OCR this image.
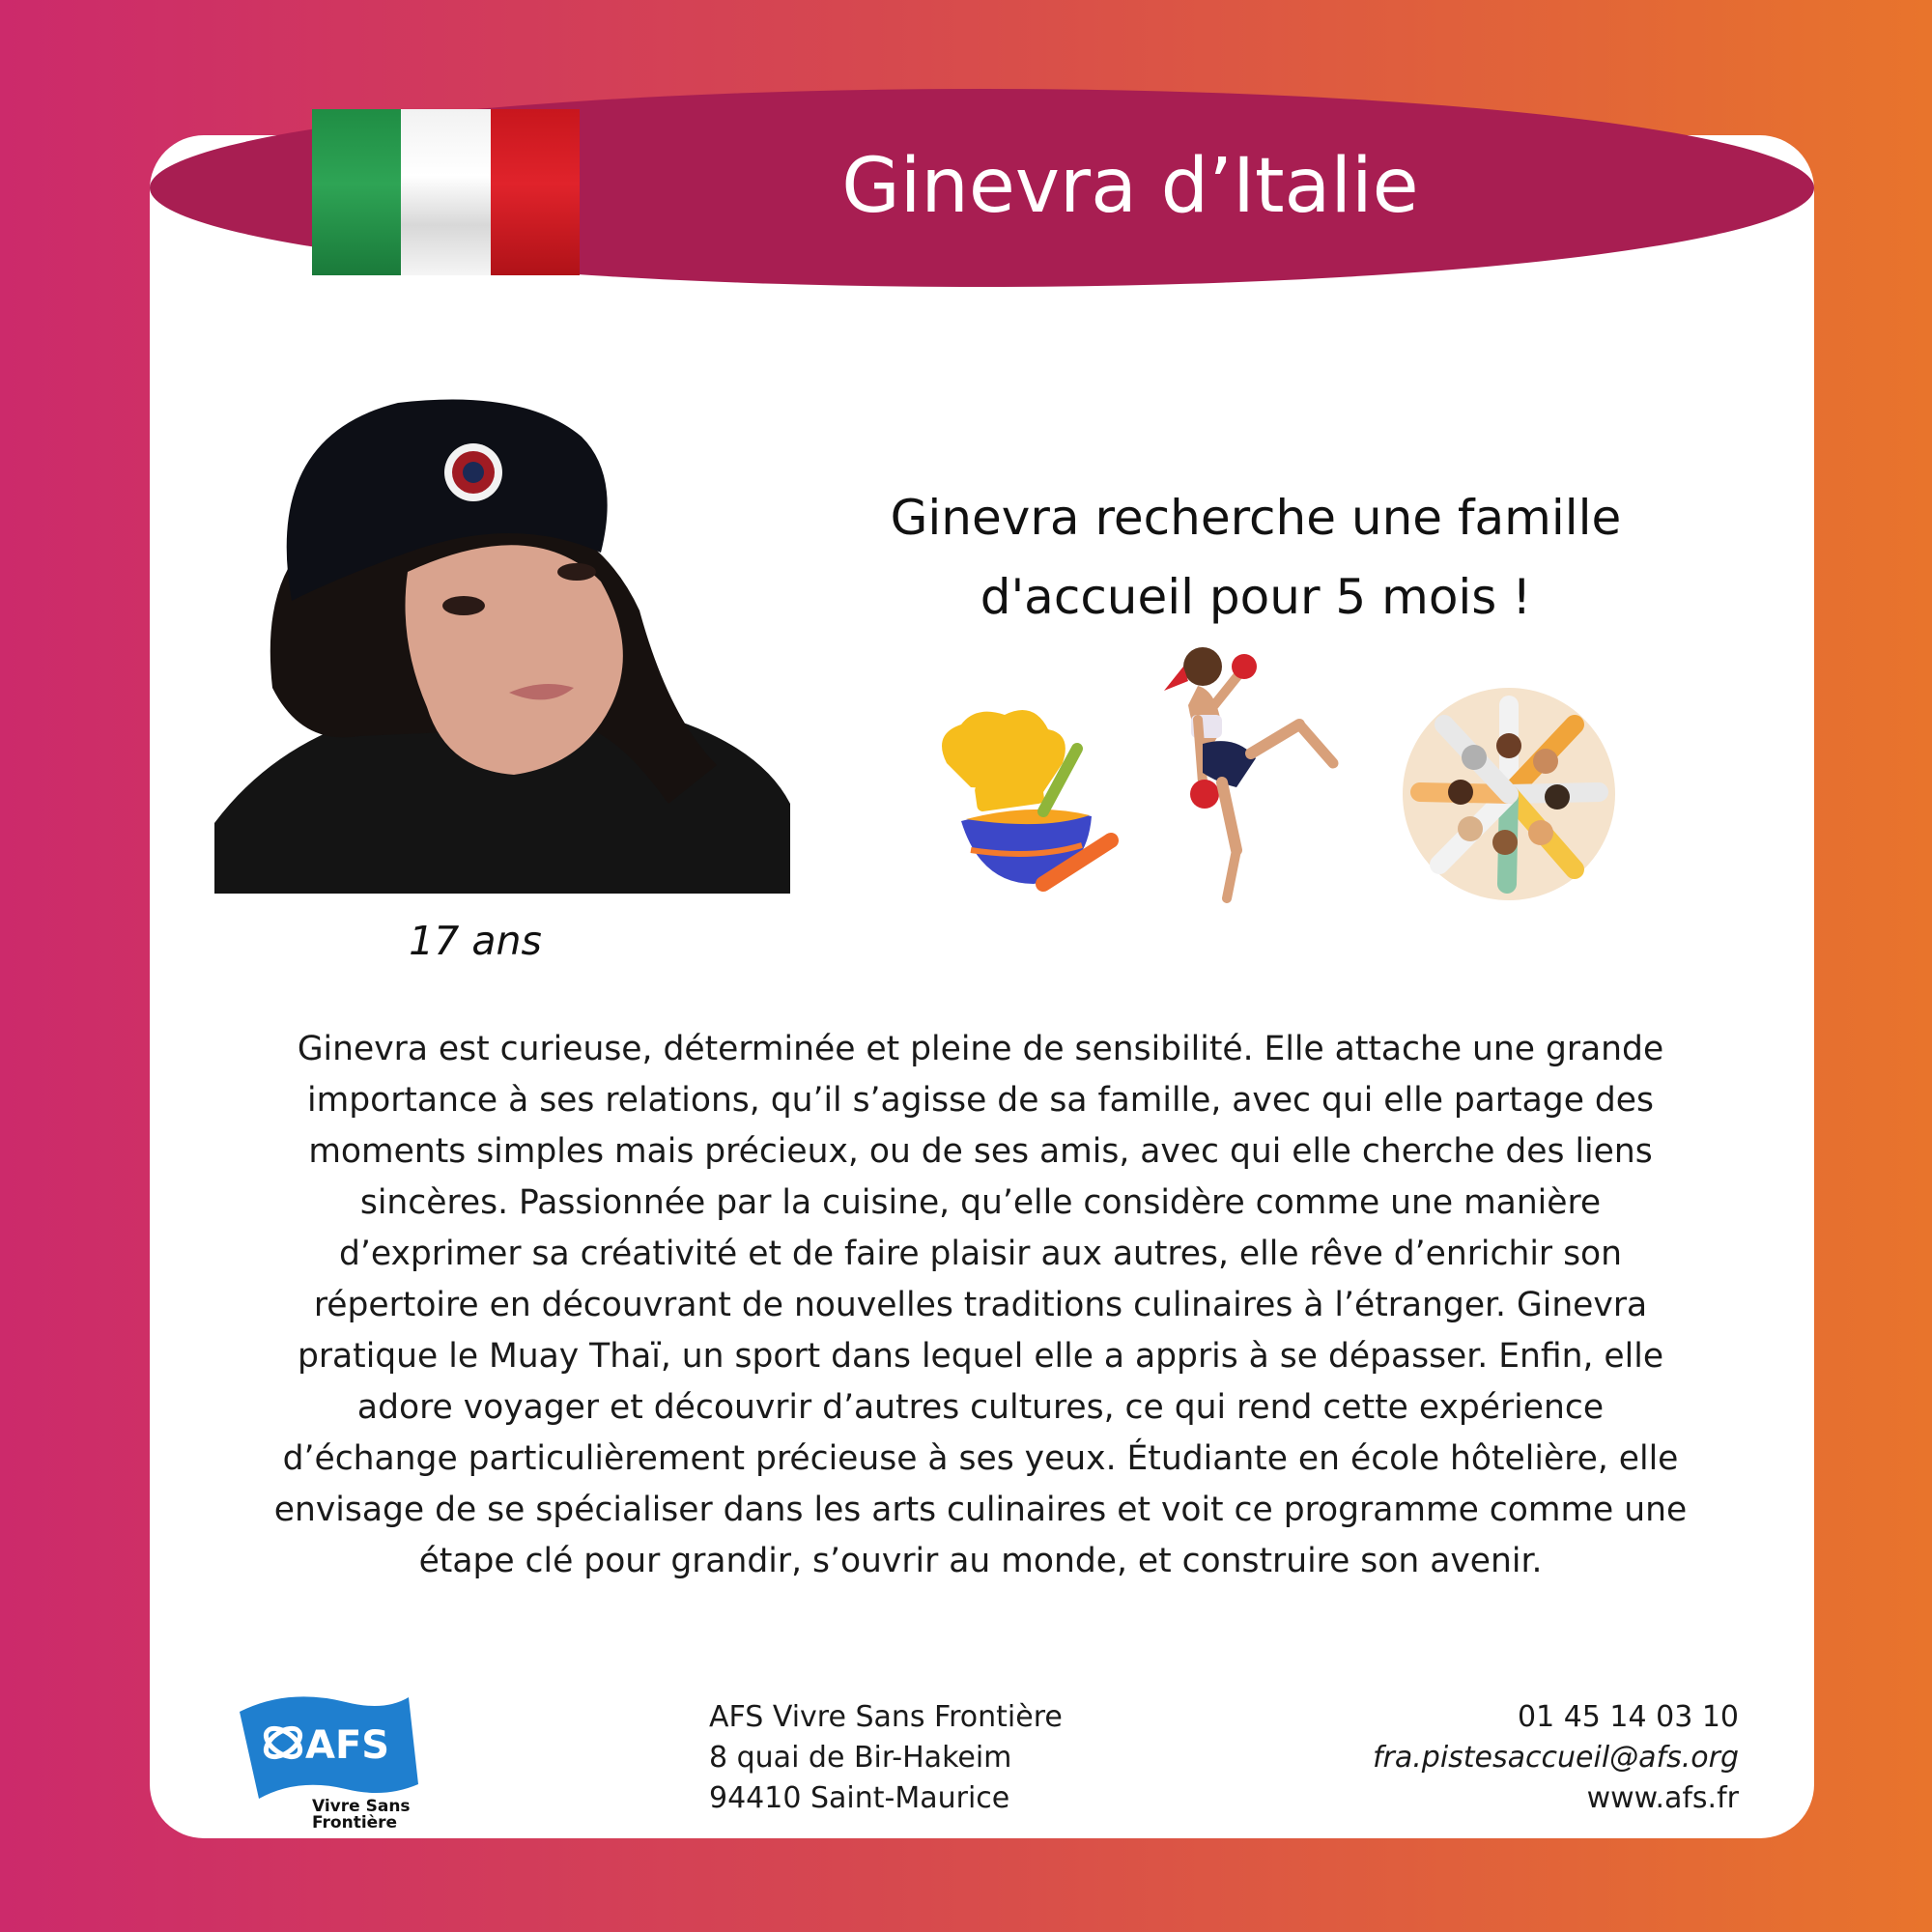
Ginevra d’Italie
17 ans
Ginevra recherche une famille
d'accueil pour 5 mois !
Ginevra est curieuse, déterminée et pleine de sensibilité. Elle attache une grande
importance à ses relations, qu’il s’agisse de sa famille, avec qui elle partage des
moments simples mais précieux, ou de ses amis, avec qui elle cherche des liens
sincères. Passionnée par la cuisine, qu’elle considère comme une manière
d’exprimer sa créativité et de faire plaisir aux autres, elle rêve d’enrichir son
répertoire en découvrant de nouvelles traditions culinaires à l’étranger. Ginevra
pratique le Muay Thaï, un sport dans lequel elle a appris à se dépasser. Enfin, elle
adore voyager et découvrir d’autres cultures, ce qui rend cette expérience
d’échange particulièrement précieuse à ses yeux. Étudiante en école hôtelière, elle
envisage de se spécialiser dans les arts culinaires et voit ce programme comme une
étape clé pour grandir, s’ouvrir au monde, et construire son avenir.
AFS
Vivre Sans
Frontière
AFS Vivre Sans Frontière
8 quai de Bir-Hakeim
94410 Saint-Maurice
01 45 14 03 10
fra.pistesaccueil@afs.org
www.afs.fr
